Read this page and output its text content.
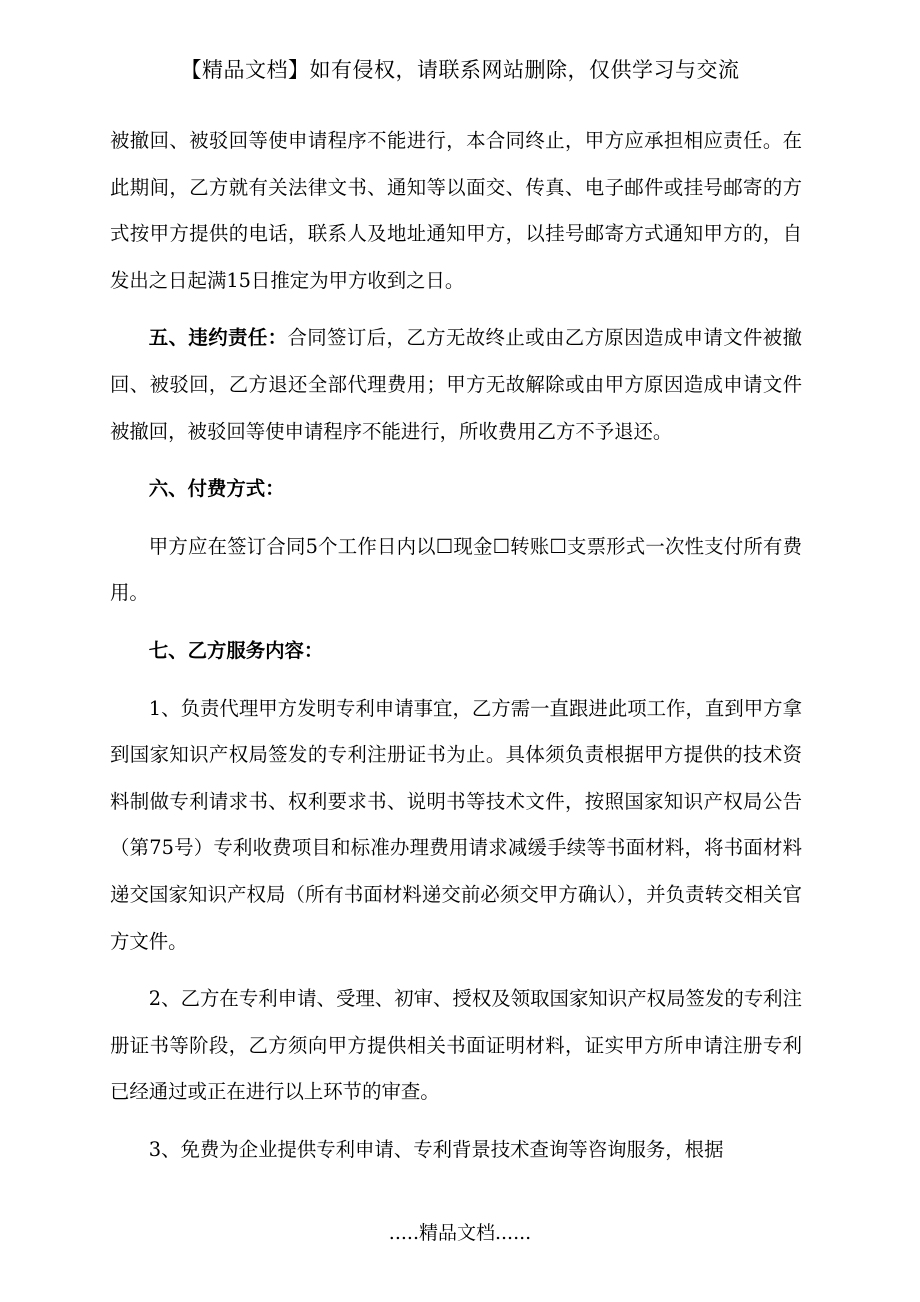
【精品文档】如有侵权，请联系网站删除，仅供学习与交流

被撤回、被驳回等使申请程序不能进行，本合同终止，甲方应承担相应责任。在此期间，乙方就有关法律文书、通知等以面交、传真、电子邮件或挂号邮寄的方式按甲方提供的电话，联系人及地址通知甲方，以挂号邮寄方式通知甲方的，自发出之日起满15日推定为甲方收到之日。

五、违约责任：合同签订后，乙方无故终止或由乙方原因造成申请文件被撤回、被驳回，乙方退还全部代理费用；甲方无故解除或由甲方原因造成申请文件被撤回，被驳回等使申请程序不能进行，所收费用乙方不予退还。

六、付费方式：

甲方应在签订合同5个工作日内以☐现金☐转账☐支票形式一次性支付所有费用。

七、乙方服务内容：

1、负责代理甲方发明专利申请事宜，乙方需一直跟进此项工作，直到甲方拿到国家知识产权局签发的专利注册证书为止。具体须负责根据甲方提供的技术资料制做专利请求书、权利要求书、说明书等技术文件，按照国家知识产权局公告（第75号）专利收费项目和标准办理费用请求减缓手续等书面材料，将书面材料递交国家知识产权局（所有书面材料递交前必须交甲方确认），并负责转交相关官方文件。

2、乙方在专利申请、受理、初审、授权及领取国家知识产权局签发的专利注册证书等阶段，乙方须向甲方提供相关书面证明材料，证实甲方所申请注册专利已经通过或正在进行以上环节的审查。

3、免费为企业提供专利申请、专利背景技术查询等咨询服务，根据

.....精品文档......
